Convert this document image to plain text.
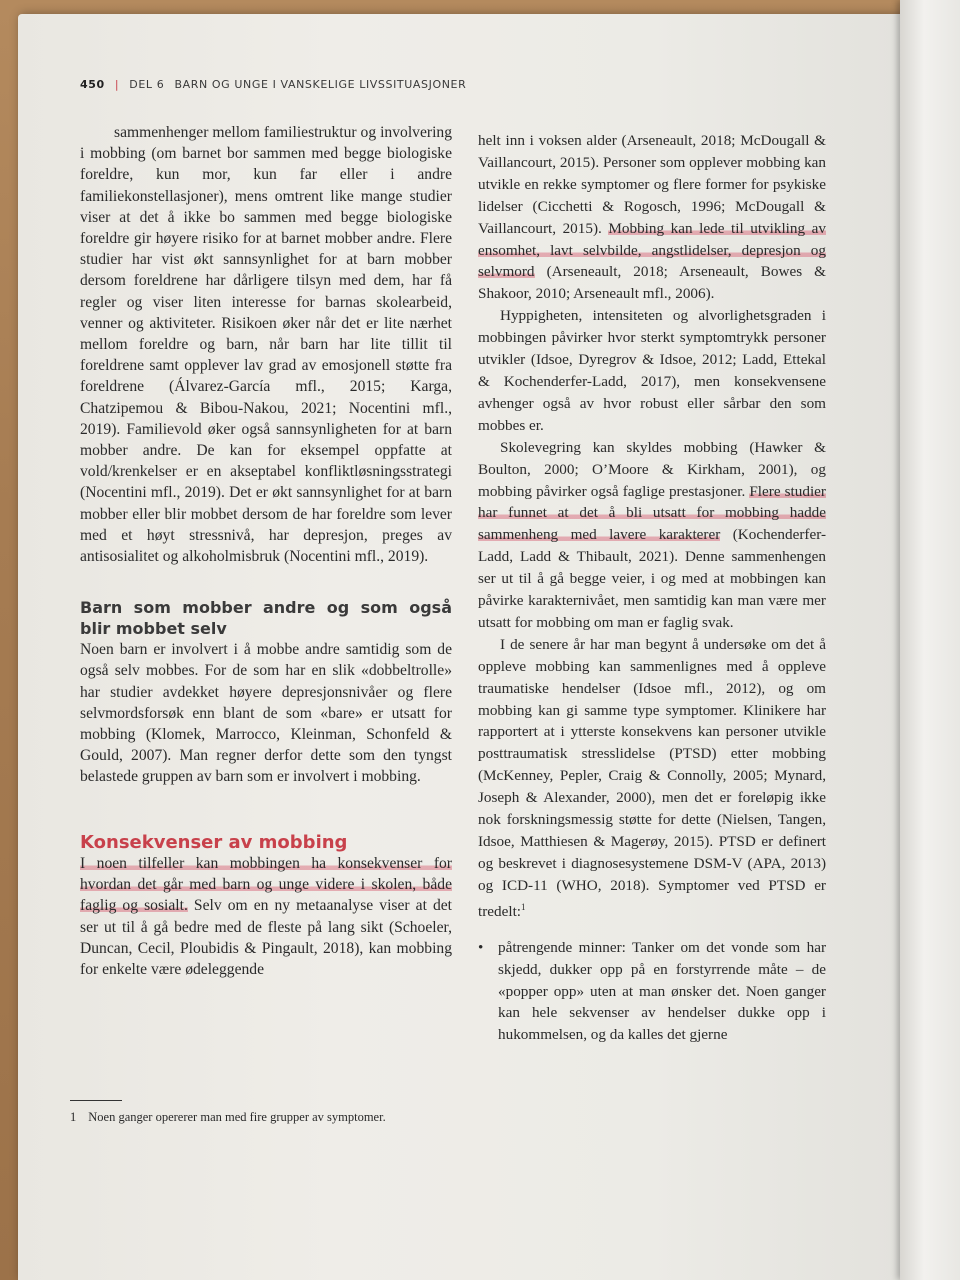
450 | DEL 6 BARN OG UNGE I VANSKELIGE LIVSSITUASJONER

sammenhenger mellom familiestruktur og involvering i mobbing (om barnet bor sammen med begge biologiske foreldre, kun mor, kun far eller i andre familiekonstellasjoner), mens omtrent like mange studier viser at det å ikke bo sammen med begge biologiske foreldre gir høyere risiko for at barnet mobber andre. Flere studier har vist økt sannsynlighet for at barn mobber dersom foreldrene har dårligere tilsyn med dem, har få regler og viser liten interesse for barnas skolearbeid, venner og aktiviteter. Risikoen øker når det er lite nærhet mellom foreldre og barn, når barn har lite tillit til foreldrene samt opplever lav grad av emosjonell støtte fra foreldrene (Álvarez-García mfl., 2015; Karga, Chatzipemou & Bibou-Nakou, 2021; Nocentini mfl., 2019). Familievold øker også sannsynligheten for at barn mobber andre. De kan for eksempel oppfatte at vold/krenkelser er en akseptabel konfliktløsningsstrategi (Nocentini mfl., 2019). Det er økt sannsynlighet for at barn mobber eller blir mobbet dersom de har foreldre som lever med et høyt stressnivå, har depresjon, preges av antisosialitet og alkoholmisbruk (Nocentini mfl., 2019).

Barn som mobber andre og som også blir mobbet selv

Noen barn er involvert i å mobbe andre samtidig som de også selv mobbes. For de som har en slik «dobbeltrolle» har studier avdekket høyere depresjonsnivåer og flere selvmordsforsøk enn blant de som «bare» er utsatt for mobbing (Klomek, Marrocco, Kleinman, Schonfeld & Gould, 2007). Man regner derfor dette som den tyngst belastede gruppen av barn som er involvert i mobbing.

Konsekvenser av mobbing

I noen tilfeller kan mobbingen ha konsekvenser for hvordan det går med barn og unge videre i skolen, både faglig og sosialt. Selv om en ny metaanalyse viser at det ser ut til å gå bedre med de fleste på lang sikt (Schoeler, Duncan, Cecil, Ploubidis & Pingault, 2018), kan mobbing for enkelte være ødeleggende

helt inn i voksen alder (Arseneault, 2018; McDougall & Vaillancourt, 2015). Personer som opplever mobbing kan utvikle en rekke symptomer og flere former for psykiske lidelser (Cicchetti & Rogosch, 1996; McDougall & Vaillancourt, 2015). Mobbing kan lede til utvikling av ensomhet, lavt selvbilde, angstlidelser, depresjon og selvmord (Arseneault, 2018; Arseneault, Bowes & Shakoor, 2010; Arseneault mfl., 2006).

Hyppigheten, intensiteten og alvorlighetsgraden i mobbingen påvirker hvor sterkt symptomtrykk personer utvikler (Idsoe, Dyregrov & Idsoe, 2012; Ladd, Ettekal & Kochenderfer-Ladd, 2017), men konsekvensene avhenger også av hvor robust eller sårbar den som mobbes er.

Skolevegring kan skyldes mobbing (Hawker & Boulton, 2000; O’Moore & Kirkham, 2001), og mobbing påvirker også faglige prestasjoner. Flere studier har funnet at det å bli utsatt for mobbing hadde sammenheng med lavere karakterer (Kochenderfer-Ladd, Ladd & Thibault, 2021). Denne sammenhengen ser ut til å gå begge veier, i og med at mobbingen kan påvirke karakternivået, men samtidig kan man være mer utsatt for mobbing om man er faglig svak.

I de senere år har man begynt å undersøke om det å oppleve mobbing kan sammenlignes med å oppleve traumatiske hendelser (Idsoe mfl., 2012), og om mobbing kan gi samme type symptomer. Klinikere har rapportert at i ytterste konsekvens kan personer utvikle posttraumatisk stresslidelse (PTSD) etter mobbing (McKenney, Pepler, Craig & Connolly, 2005; Mynard, Joseph & Alexander, 2000), men det er foreløpig ikke nok forskningsmessig støtte for dette (Nielsen, Tangen, Idsoe, Matthiesen & Magerøy, 2015). PTSD er definert og beskrevet i diagnosesystemene DSM-V (APA, 2013) og ICD-11 (WHO, 2018). Symptomer ved PTSD er tredelt:$^1$

• påtrengende minner: Tanker om det vonde som har skjedd, dukker opp på en forstyrrende måte – de «popper opp» uten at man ønsker det. Noen ganger kan hele sekvenser av hendelser dukke opp i hukommelsen, og da kalles det gjerne

1 Noen ganger opererer man med fire grupper av symptomer.
